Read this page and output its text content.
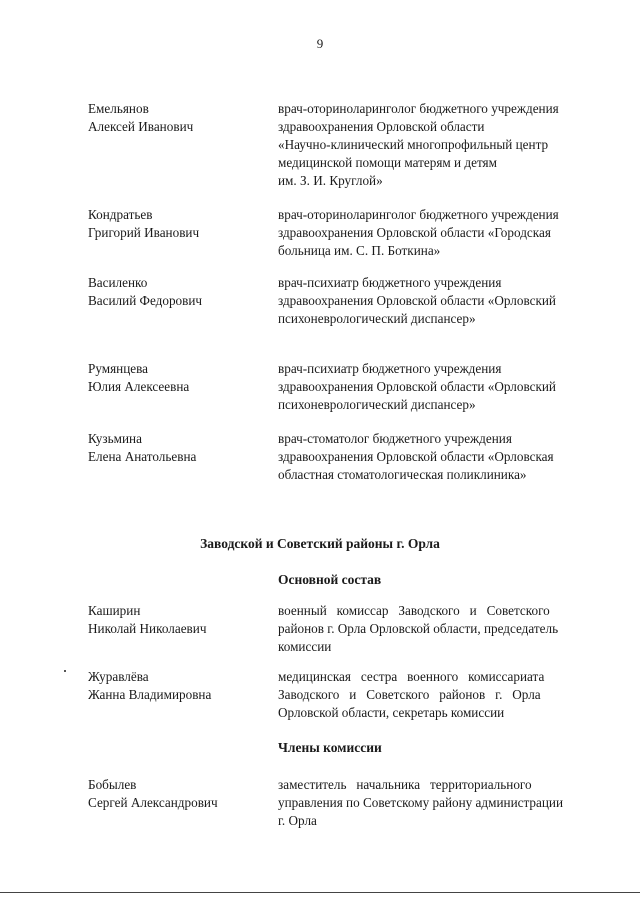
9
Емельянов
Алексей Иванович
врач-оториноларинголог бюджетного учреждения
здравоохранения Орловской области
«Научно-клинический многопрофильный центр
медицинской помощи матерям и детям
им. З. И. Круглой»
Кондратьев
Григорий Иванович
врач-оториноларинголог бюджетного учреждения
здравоохранения Орловской области «Городская
больница им. С. П. Боткина»
Василенко
Василий Федорович
врач-психиатр бюджетного учреждения
здравоохранения Орловской области «Орловский
психоневрологический диспансер»
Румянцева
Юлия Алексеевна
врач-психиатр бюджетного учреждения
здравоохранения Орловской области «Орловский
психоневрологический диспансер»
Кузьмина
Елена Анатольевна
врач-стоматолог бюджетного учреждения
здравоохранения Орловской области «Орловская
областная стоматологическая поликлиника»
Заводской и Советский районы г. Орла
Основной состав
Каширин
Николай Николаевич
военный   комиссар   Заводского   и   Советского
районов г. Орла Орловской области, председатель
комиссии
Журавлёва
Жанна Владимировна
медицинская   сестра   военного   комиссариата
Заводского   и   Советского   районов   г.   Орла
Орловской области, секретарь комиссии
Члены комиссии
Бобылев
Сергей Александрович
заместитель   начальника   территориального
управления по Советскому району администрации
г. Орла
